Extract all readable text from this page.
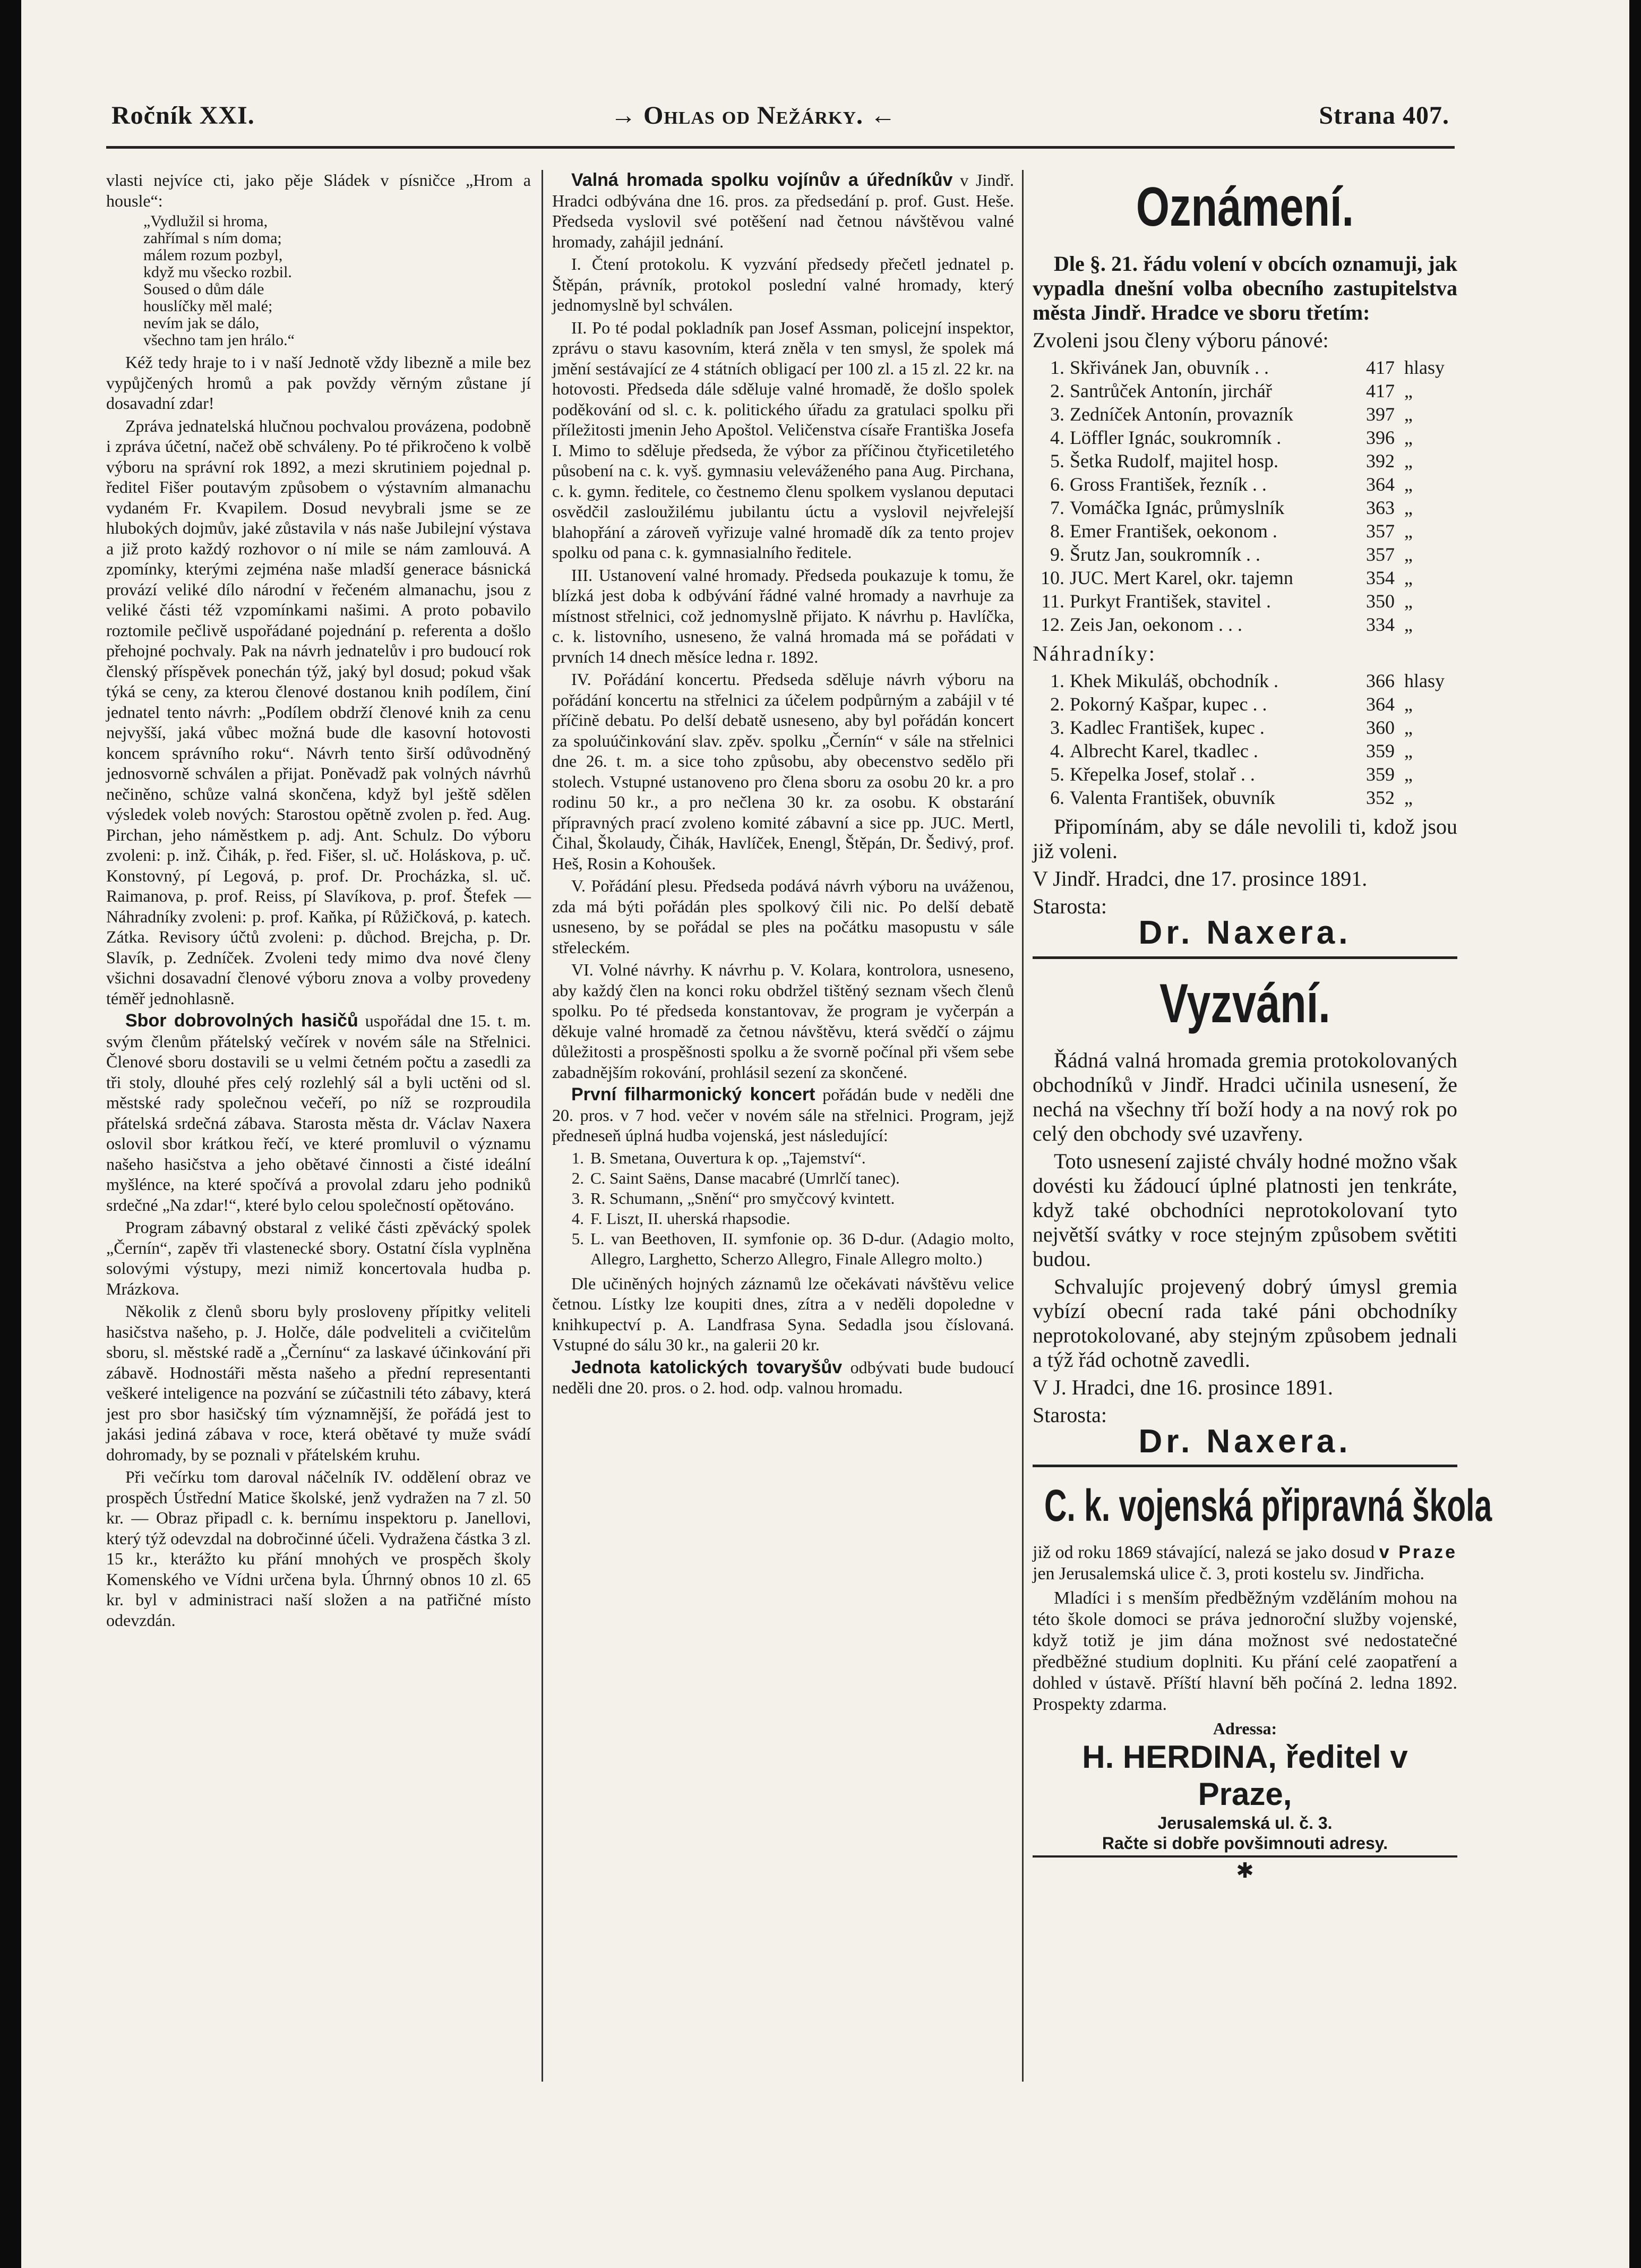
Ročník XXI.	→ Ohlas od Nežárky. ←	Strana 407.

vlasti nejvíce cti, jako pěje Sládek v písničce „Hrom a housle“:

„Vydlužil si hroma,
zahřímal s ním doma;
málem rozum pozbyl,
když mu všecko rozbil.
Soused o dům dále
houslíčky měl malé;
nevím jak se dálo,
všechno tam jen hrálo.“

Kéž tedy hraje to i v naší Jednotě vždy libezně a mile bez vypůjčených hromů a pak povždy věrným zůstane jí dosavadní zdar!

Zpráva jednatelská hlučnou pochvalou provázena, podobně i zpráva účetní, načež obě schváleny. Po té přikročeno k volbě výboru na správní rok 1892, a mezi skrutiniem pojednal p. ředitel Fišer poutavým způsobem o výstavním almanachu vydaném Fr. Kvapilem. Dosud nevybrali jsme se ze hlubokých dojmův, jaké zůstavila v nás naše Jubilejní výstava a již proto každý rozhovor o ní mile se nám zamlouvá. A zpomínky, kterými zejména naše mladší generace básnická provází veliké dílo národní v řečeném almanachu, jsou z veliké části též vzpomínkami našimi. A proto pobavilo roztomile pečlivě uspořádané pojednání p. referenta a došlo přehojné pochvaly. Pak na návrh jednatelův i pro budoucí rok členský příspěvek ponechán týž, jaký byl dosud; pokud však týká se ceny, za kterou členové dostanou knih podílem, činí jednatel tento návrh: „Podílem obdrží členové knih za cenu nejvyšší, jaká vůbec možná bude dle kasovní hotovosti koncem správního roku“. Návrh tento širší odůvodněný jednosvorně schválen a přijat. Poněvadž pak volných návrhů nečiněno, schůze valná skončena, když byl ještě sdělen výsledek voleb nových: Starostou opětně zvolen p. řed. Aug. Pirchan, jeho náměstkem p. adj. Ant. Schulz. Do výboru zvoleni: p. inž. Čihák, p. řed. Fišer, sl. uč. Holáskova, p. uč. Konstovný, pí Legová, p. prof. Dr. Procházka, sl. uč. Raimanova, p. prof. Reiss, pí Slavíkova, p. prof. Štefek — Náhradníky zvoleni: p. prof. Kaňka, pí Růžičková, p. katech. Zátka. Revisory účtů zvoleni: p. důchod. Brejcha, p. Dr. Slavík, p. Zedníček. Zvoleni tedy mimo dva nové členy všichni dosavadní členové výboru znova a volby provedeny téměř jednohlasně.

Sbor dobrovolných hasičů uspořádal dne 15. t. m. svým členům přátelský večírek v novém sále na Střelnici. Členové sboru dostavili se u velmi četném počtu a zasedli za tři stoly, dlouhé přes celý rozlehlý sál a byli uctěni od sl. městské rady společnou večeří, po níž se rozproudila přátelská srdečná zábava. Starosta města dr. Václav Naxera oslovil sbor krátkou řečí, ve které promluvil o významu našeho hasičstva a jeho obětavé činnosti a čisté ideální myšlénce, na které spočívá a provolal zdaru jeho podniků srdečné „Na zdar!“, které bylo celou společností opětováno.

Program zábavný obstaral z veliké části zpěvácký spolek „Černín“, zapěv tři vlastenecké sbory. Ostatní čísla vyplněna solovými výstupy, mezi nimiž koncertovala hudba p. Mrázkova.

Několik z členů sboru byly prosloveny přípitky veliteli hasičstva našeho, p. J. Holče, dále podveliteli a cvičitelům sboru, sl. městské radě a „Černínu“ za laskavé účinkování při zábavě. Hodnostáři města našeho a přední representanti veškeré inteligence na pozvání se zúčastnili této zábavy, která jest pro sbor hasičský tím významnější, že pořádá jest to jakási jediná zábava v roce, která obětavé ty muže svádí dohromady, by se poznali v přátelském kruhu.

Při večírku tom daroval náčelník IV. oddělení obraz ve prospěch Ústřední Matice školské, jenž vydražen na 7 zl. 50 kr. — Obraz připadl c. k. bernímu inspektoru p. Janellovi, který týž odevzdal na dobročinné účeli. Vydražena částka 3 zl. 15 kr., kterážto ku přání mnohých ve prospěch školy Komenského ve Vídni určena byla. Úhrnný obnos 10 zl. 65 kr. byl v administraci naší složen a na patřičné místo odevzdán.

Valná hromada spolku vojínův a úředníkův v Jindř. Hradci odbývána dne 16. pros. za předsedání p. prof. Gust. Heše. Předseda vyslovil své potěšení nad četnou návštěvou valné hromady, zahájil jednání.

I. Čtení protokolu. K vyzvání předsedy přečetl jednatel p. Štěpán, právník, protokol poslední valné hromady, který jednomyslně byl schválen.

II. Po té podal pokladník pan Josef Assman, policejní inspektor, zprávu o stavu kasovním, která zněla v ten smysl, že spolek má jmění sestávající ze 4 státních obligací per 100 zl. a 15 zl. 22 kr. na hotovosti. Předseda dále sděluje valné hromadě, že došlo spolek poděkování od sl. c. k. politického úřadu za gratulaci spolku při příležitosti jmenin Jeho Apoštol. Veličenstva císaře Františka Josefa I. Mimo to sděluje předseda, že výbor za příčinou čtyřicetiletého působení na c. k. vyš. gymnasiu veleváženého pana Aug. Pirchana, c. k. gymn. ředitele, co čestnemo členu spolkem vyslanou deputaci osvědčil zasloužilému jubilantu úctu a vyslovil nejvřelejší blahopřání a zároveň vyřizuje valné hromadě dík za tento projev spolku od pana c. k. gymnasialního ředitele.

III. Ustanovení valné hromady. Předseda poukazuje k tomu, že blízká jest doba k odbývání řádné valné hromady a navrhuje za místnost střelnici, což jednomyslně přijato. K návrhu p. Havlíčka, c. k. listovního, usneseno, že valná hromada má se pořádati v prvních 14 dnech měsíce ledna r. 1892.

IV. Pořádání koncertu. Předseda sděluje návrh výboru na pořádání koncertu na střelnici za účelem podpůrným a zabájil v té příčině debatu. Po delší debatě usneseno, aby byl pořádán koncert za spoluúčinkování slav. zpěv. spolku „Černín“ v sále na střelnici dne 26. t. m. a sice toho způsobu, aby obecenstvo sedělo při stolech. Vstupné ustanoveno pro člena sboru za osobu 20 kr. a pro rodinu 50 kr., a pro nečlena 30 kr. za osobu. K obstarání přípravných prací zvoleno komité zábavní a sice pp. JUC. Mertl, Čihal, Školaudy, Čihák, Havlíček, Enengl, Štěpán, Dr. Šedivý, prof. Heš, Rosin a Kohoušek.

V. Pořádání plesu. Předseda podává návrh výboru na uváženou, zda má býti pořádán ples spolkový čili nic. Po delší debatě usneseno, by se pořádal se ples na počátku masopustu v sále střeleckém.

VI. Volné návrhy. K návrhu p. V. Kolara, kontrolora, usneseno, aby každý člen na konci roku obdržel tištěný seznam všech členů spolku. Po té předseda konstantovav, že program je vyčerpán a děkuje valné hromadě za četnou návštěvu, která svědčí o zájmu důležitosti a prospěšnosti spolku a že svorně počínal při všem sebe zabadnějším rokování, prohlásil sezení za skončené.

První filharmonický koncert pořádán bude v neděli dne 20. pros. v 7 hod. večer v novém sále na střelnici. Program, jejž předneseň úplná hudba vojenská, jest následující:

1. B. Smetana, Ouvertura k op. „Tajemství“.
2. C. Saint Saëns, Danse macabré (Umrlčí tanec).
3. R. Schumann, „Snění“ pro smyčcový kvintett.
4. F. Liszt, II. uherská rhapsodie.
5. L. van Beethoven, II. symfonie op. 36 D-dur. (Adagio molto, Allegro, Larghetto, Scherzo Allegro, Finale Allegro molto.)

Dle učiněných hojných záznamů lze očekávati návštěvu velice četnou. Lístky lze koupiti dnes, zítra a v neděli dopoledne v knihkupectví p. A. Landfrasa Syna. Sedadla jsou číslovaná. Vstupné do sálu 30 kr., na galerii 20 kr.

Jednota katolických tovaryšův odbývati bude budoucí neděli dne 20. pros. o 2. hod. odp. valnou hromadu.

Oznámení.

Dle §. 21. řádu volení v obcích oznamuji, jak vypadla dnešní volba obecního zastupitelstva města Jindř. Hradce ve sboru třetím:

Zvoleni jsou členy výboru pánové:

1.	Skřivánek Jan, obuvník . .	417	hlasy
2.	Santrůček Antonín, jirchář	417	„
3.	Zedníček Antonín, provazník	397	„
4.	Löffler Ignác, soukromník .	396	„
5.	Šetka Rudolf, majitel hosp.	392	„
6.	Gross František, řezník . .	364	„
7.	Vomáčka Ignác, průmyslník	363	„
8.	Emer František, oekonom .	357	„
9.	Šrutz Jan, soukromník . .	357	„
10.	JUC. Mert Karel, okr. tajemn	354	„
11.	Purkyt František, stavitel .	350	„
12.	Zeis Jan, oekonom . . .	334	„

Náhradníky:

1.	Khek Mikuláš, obchodník .	366	hlasy
2.	Pokorný Kašpar, kupec . .	364	„
3.	Kadlec František, kupec .	360	„
4.	Albrecht Karel, tkadlec .	359	„
5.	Křepelka Josef, stolař . .	359	„
6.	Valenta František, obuvník	352	„

Připomínám, aby se dále nevolili ti, kdož jsou již voleni.

V Jindř. Hradci, dne 17. prosince 1891.

Starosta:

Dr. Naxera.
Vyzvání.

Řádná valná hromada gremia protokolovaných obchodníků v Jindř. Hradci učinila usnesení, že nechá na všechny tří boží hody a na nový rok po celý den obchody své uzavřeny.

Toto usnesení zajisté chvály hodné možno však dovésti ku žádoucí úplné platnosti jen tenkráte, když také obchodníci neprotokolovaní tyto největší svátky v roce stejným způsobem světiti budou.

Schvalujíc projevený dobrý úmysl gremia vybízí obecní rada také páni obchodníky neprotokolované, aby stejným způsobem jednali a týž řád ochotně zavedli.

V J. Hradci, dne 16. prosince 1891.

Starosta:

Dr. Naxera.
C. k. vojenská připravná škola

již od roku 1869 stávající, nalezá se jako dosud v Praze jen Jerusalemská ulice č. 3, proti kostelu sv. Jindřicha.

Mladíci i s menším předběžným vzděláním mohou na této škole domoci se práva jednoroční služby vojenské, když totiž je jim dána možnost své nedostatečné předběžné studium doplniti. Ku přání celé zaopatření a dohled v ústavě. Příští hlavní běh počíná 2. ledna 1892. Prospekty zdarma.

Adressa:
H. HERDINA, ředitel v Praze,
Jerusalemská ul. č. 3.
Račte si dobře povšimnouti adresy.
✱
